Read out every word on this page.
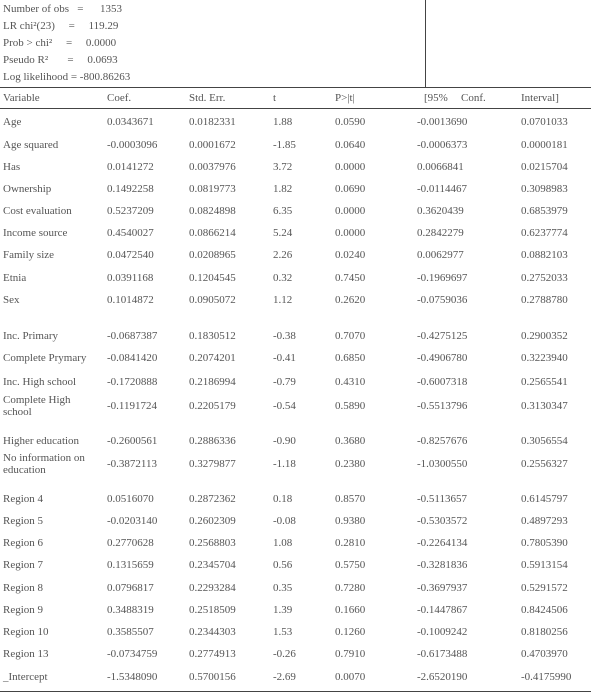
Number of obs   =      1353
LR chi²(23)     =     119.29
Prob > chi²     =     0.0000
Pseudo R²       =     0.0693
Log likelihood = -800.86263
Variable	Coef.	Std. Err.	t	P>|t|	[95% Conf.	Interval]
Age	0.0343671	0.0182331	1.88	0.0590	-0.0013690	0.0701033
Age squared	-0.0003096	0.0001672	-1.85	0.0640	-0.0006373	0.0000181
Has	0.0141272	0.0037976	3.72	0.0000	0.0066841	0.0215704
Ownership	0.1492258	0.0819773	1.82	0.0690	-0.0114467	0.3098983
Cost evaluation	0.5237209	0.0824898	6.35	0.0000	0.3620439	0.6853979
Income source	0.4540027	0.0866214	5.24	0.0000	0.2842279	0.6237774
Family size	0.0472540	0.0208965	2.26	0.0240	0.0062977	0.0882103
Etnia	0.0391168	0.1204545	0.32	0.7450	-0.1969697	0.2752033
Sex	0.1014872	0.0905072	1.12	0.2620	-0.0759036	0.2788780
Inc. Primary	-0.0687387	0.1830512	-0.38	0.7070	-0.4275125	0.2900352
Complete Prymary	-0.0841420	0.2074201	-0.41	0.6850	-0.4906780	0.3223940
Inc. High school	-0.1720888	0.2186994	-0.79	0.4310	-0.6007318	0.2565541
Complete High school	-0.1191724	0.2205179	-0.54	0.5890	-0.5513796	0.3130347
Higher education	-0.2600561	0.2886336	-0.90	0.3680	-0.8257676	0.3056554
No information on education	-0.3872113	0.3279877	-1.18	0.2380	-1.0300550	0.2556327
Region 4	0.0516070	0.2872362	0.18	0.8570	-0.5113657	0.6145797
Region 5	-0.0203140	0.2602309	-0.08	0.9380	-0.5303572	0.4897293
Region 6	0.2770628	0.2568803	1.08	0.2810	-0.2264134	0.7805390
Region 7	0.1315659	0.2345704	0.56	0.5750	-0.3281836	0.5913154
Region 8	0.0796817	0.2293284	0.35	0.7280	-0.3697937	0.5291572
Region 9	0.3488319	0.2518509	1.39	0.1660	-0.1447867	0.8424506
Region 10	0.3585507	0.2344303	1.53	0.1260	-0.1009242	0.8180256
Region 13	-0.0734759	0.2774913	-0.26	0.7910	-0.6173488	0.4703970
_Intercept	-1.5348090	0.5700156	-2.69	0.0070	-2.6520190	-0.4175990
